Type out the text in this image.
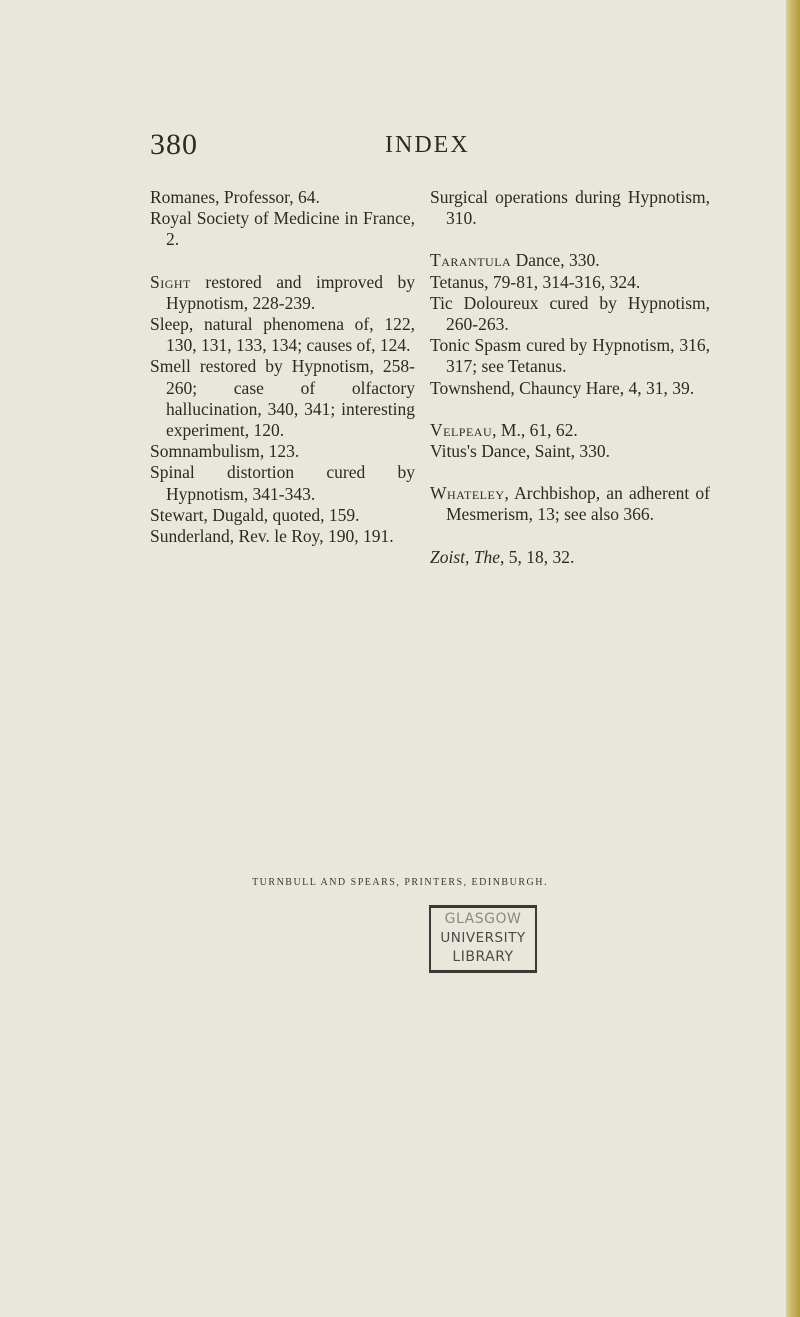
380	INDEX

Romanes, Professor, 64.

Royal Society of Medicine in France, 2.

Sight restored and improved by Hypnotism, 228-239.

Sleep, natural phenomena of, 122, 130, 131, 133, 134; causes of, 124.

Smell restored by Hypnotism, 258-260; case of olfactory hallucination, 340, 341; interesting experiment, 120.

Somnambulism, 123.

Spinal distortion cured by Hypnotism, 341-343.

Stewart, Dugald, quoted, 159.

Sunderland, Rev. le Roy, 190, 191.

Surgical operations during Hypnotism, 310.

Tarantula Dance, 330.

Tetanus, 79-81, 314-316, 324.

Tic Doloureux cured by Hypnotism, 260-263.

Tonic Spasm cured by Hypnotism, 316, 317; see Tetanus.

Townshend, Chauncy Hare, 4, 31, 39.

Velpeau, M., 61, 62.

Vitus's Dance, Saint, 330.

Whateley, Archbishop, an adherent of Mesmerism, 13; see also 366.

Zoist, The, 5, 18, 32.

TURNBULL AND SPEARS, PRINTERS, EDINBURGH.
GLASGOW
UNIVERSITY
LIBRARY
